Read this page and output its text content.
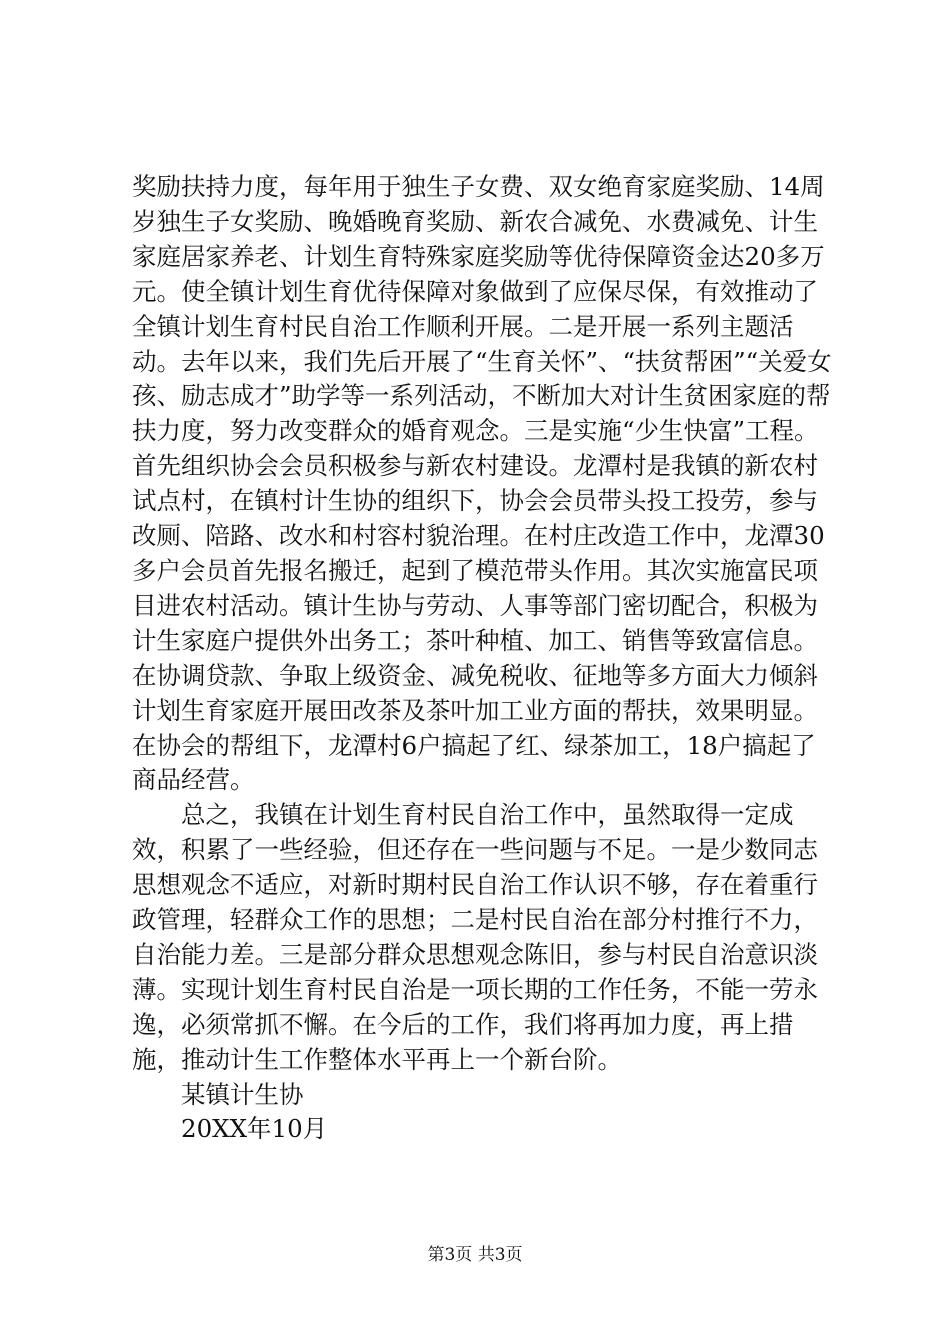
奖励扶持力度，每年用于独生子女费、双女绝育家庭奖励、14周岁独生子女奖励、晚婚晚育奖励、新农合减免、水费减免、计生家庭居家养老、计划生育特殊家庭奖励等优待保障资金达20多万元。使全镇计划生育优待保障对象做到了应保尽保，有效推动了全镇计划生育村民自治工作顺利开展。二是开展一系列主题活动。去年以来，我们先后开展了“生育关怀”、“扶贫帮困”“关爱女孩、励志成才”助学等一系列活动，不断加大对计生贫困家庭的帮扶力度，努力改变群众的婚育观念。三是实施“少生快富”工程。首先组织协会会员积极参与新农村建设。龙潭村是我镇的新农村试点村，在镇村计生协的组织下，协会会员带头投工投劳，参与改厕、陪路、改水和村容村貌治理。在村庄改造工作中，龙潭30多户会员首先报名搬迁，起到了模范带头作用。其次实施富民项目进农村活动。镇计生协与劳动、人事等部门密切配合，积极为计生家庭户提供外出务工；茶叶种植、加工、销售等致富信息。在协调贷款、争取上级资金、减免税收、征地等多方面大力倾斜计划生育家庭开展田改茶及茶叶加工业方面的帮扶，效果明显。在协会的帮组下，龙潭村6户搞起了红、绿茶加工，18户搞起了商品经营。

总之，我镇在计划生育村民自治工作中，虽然取得一定成效，积累了一些经验，但还存在一些问题与不足。一是少数同志思想观念不适应，对新时期村民自治工作认识不够，存在着重行政管理，轻群众工作的思想；二是村民自治在部分村推行不力，自治能力差。三是部分群众思想观念陈旧，参与村民自治意识淡薄。实现计划生育村民自治是一项长期的工作任务，不能一劳永逸，必须常抓不懈。在今后的工作，我们将再加力度，再上措施，推动计生工作整体水平再上一个新台阶。

某镇计生协

20XX年10月

第3页 共3页
